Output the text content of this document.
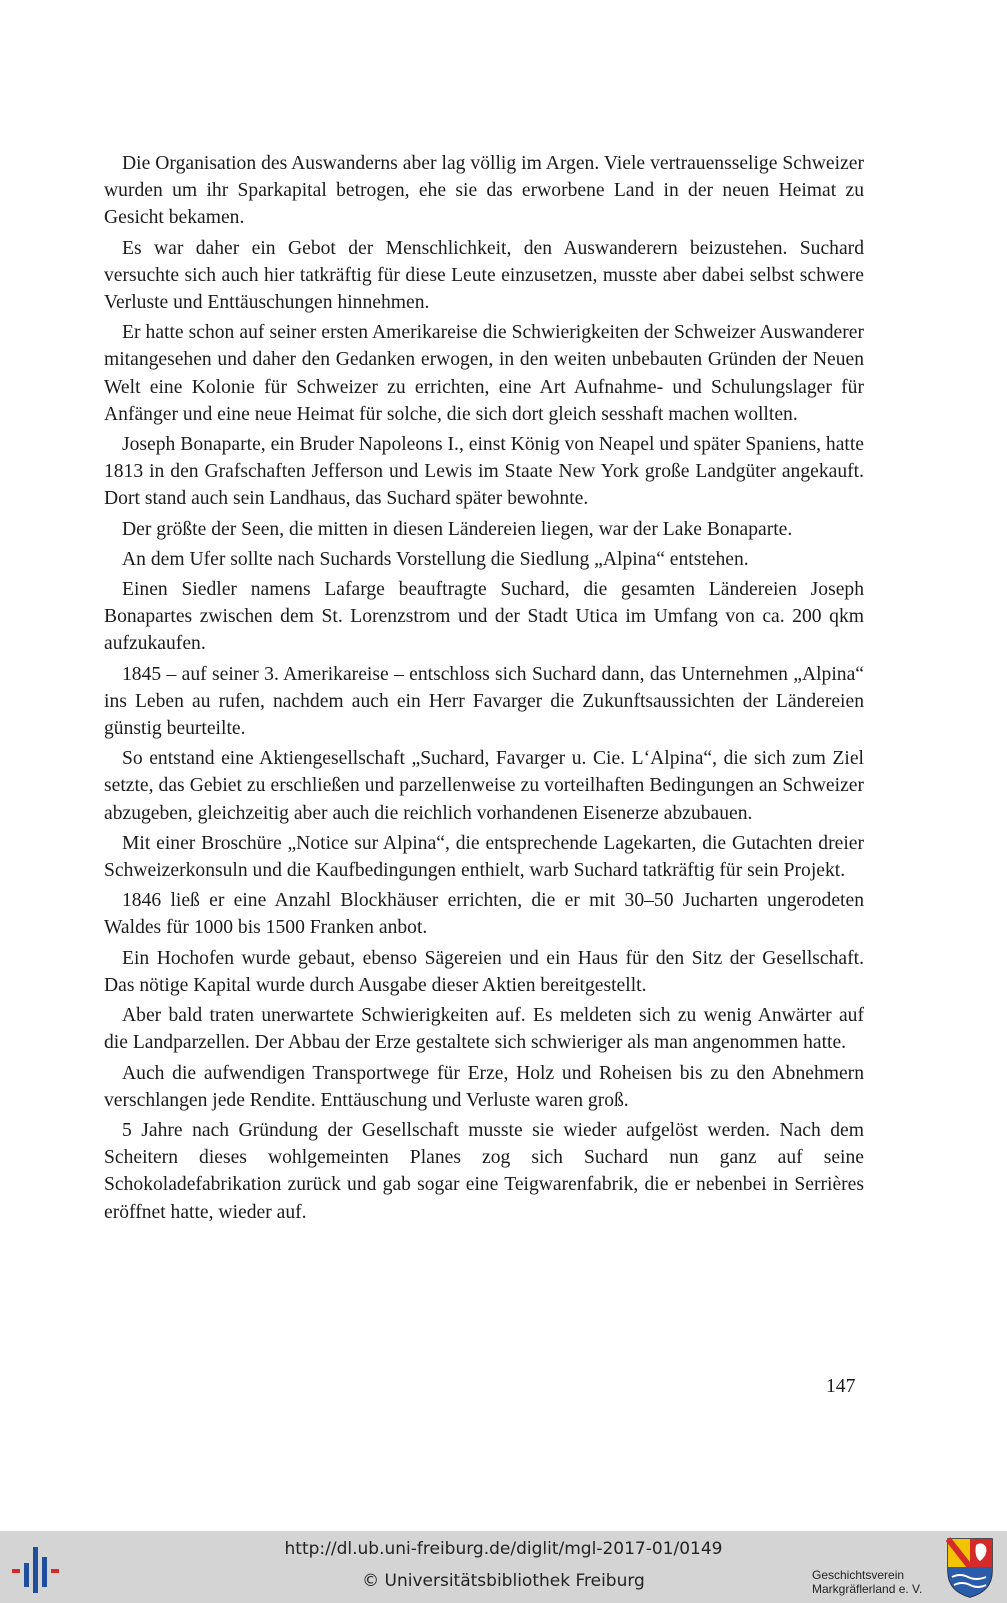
Die Organisation des Auswanderns aber lag völlig im Argen. Viele vertrauensselige Schweizer wurden um ihr Sparkapital betrogen, ehe sie das erworbene Land in der neuen Heimat zu Gesicht bekamen.

Es war daher ein Gebot der Menschlichkeit, den Auswanderern beizustehen. Suchard versuchte sich auch hier tatkräftig für diese Leute einzusetzen, musste aber dabei selbst schwere Verluste und Enttäuschungen hinnehmen.

Er hatte schon auf seiner ersten Amerikareise die Schwierigkeiten der Schweizer Auswanderer mitangesehen und daher den Gedanken erwogen, in den weiten unbebauten Gründen der Neuen Welt eine Kolonie für Schweizer zu errichten, eine Art Aufnahme- und Schulungslager für Anfänger und eine neue Heimat für solche, die sich dort gleich sesshaft machen wollten.

Joseph Bonaparte, ein Bruder Napoleons I., einst König von Neapel und später Spaniens, hatte 1813 in den Grafschaften Jefferson und Lewis im Staate New York große Landgüter angekauft. Dort stand auch sein Landhaus, das Suchard später bewohnte.

Der größte der Seen, die mitten in diesen Ländereien liegen, war der Lake Bonaparte.

An dem Ufer sollte nach Suchards Vorstellung die Siedlung „Alpina“ entstehen.

Einen Siedler namens Lafarge beauftragte Suchard, die gesamten Ländereien Joseph Bonapartes zwischen dem St. Lorenzstrom und der Stadt Utica im Umfang von ca. 200 qkm aufzukaufen.

1845 – auf seiner 3. Amerikareise – entschloss sich Suchard dann, das Unternehmen „Alpina“ ins Leben au rufen, nachdem auch ein Herr Favarger die Zukunftsaussichten der Ländereien günstig beurteilte.

So entstand eine Aktiengesellschaft „Suchard, Favarger u. Cie. L‘Alpina“, die sich zum Ziel setzte, das Gebiet zu erschließen und parzellenweise zu vorteilhaften Bedingungen an Schweizer abzugeben, gleichzeitig aber auch die reichlich vorhandenen Eisenerze abzubauen.

Mit einer Broschüre „Notice sur Alpina“, die entsprechende Lagekarten, die Gutachten dreier Schweizerkonsuln und die Kaufbedingungen enthielt, warb Suchard tatkräftig für sein Projekt.

1846 ließ er eine Anzahl Blockhäuser errichten, die er mit 30–50 Jucharten ungerodeten Waldes für 1000 bis 1500 Franken anbot.

Ein Hochofen wurde gebaut, ebenso Sägereien und ein Haus für den Sitz der Gesellschaft. Das nötige Kapital wurde durch Ausgabe dieser Aktien bereitgestellt.

Aber bald traten unerwartete Schwierigkeiten auf. Es meldeten sich zu wenig Anwärter auf die Landparzellen. Der Abbau der Erze gestaltete sich schwieriger als man angenommen hatte.

Auch die aufwendigen Transportwege für Erze, Holz und Roheisen bis zu den Abnehmern verschlangen jede Rendite. Enttäuschung und Verluste waren groß.

5 Jahre nach Gründung der Gesellschaft musste sie wieder aufgelöst werden. Nach dem Scheitern dieses wohlgemeinten Planes zog sich Suchard nun ganz auf seine Schokoladefabrikation zurück und gab sogar eine Teigwarenfabrik, die er nebenbei in Serrières eröffnet hatte, wieder auf.

147
http://dl.ub.uni-freiburg.de/diglit/mgl-2017-01/0149
© Universitätsbibliothek Freiburg	Geschichtsverein
Markgräflerland e. V.
